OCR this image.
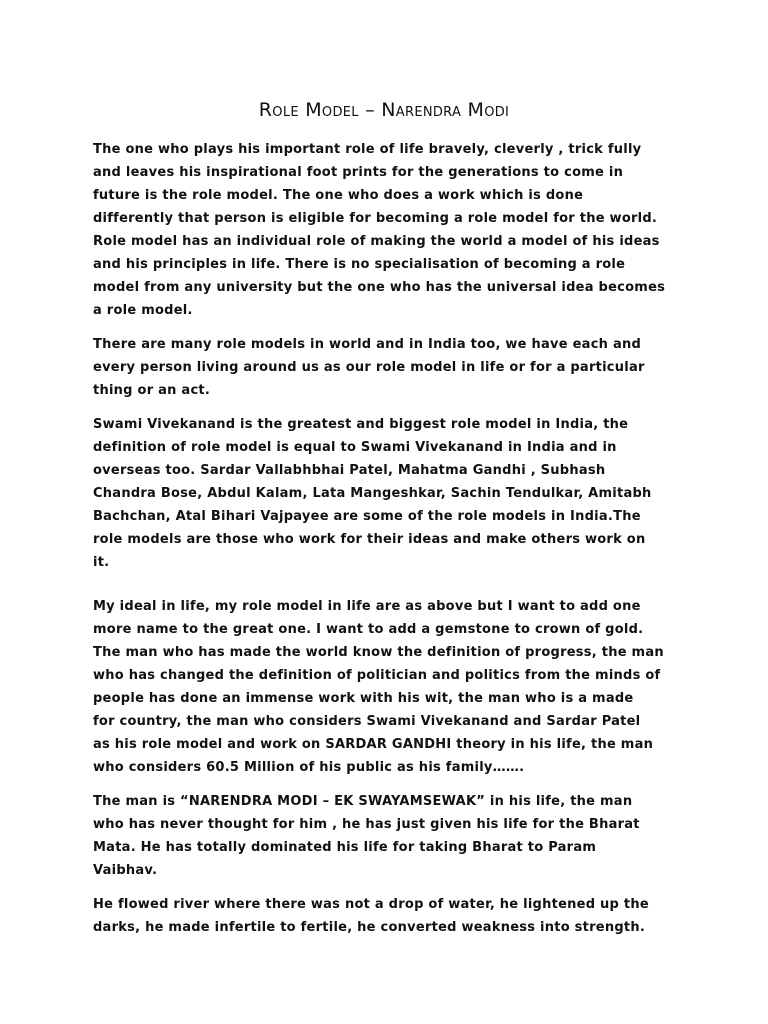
Role Model – Narendra Modi

The one who plays his important role of life bravely, cleverly , trick fully
and leaves his inspirational foot prints for the generations to come in
future is the role model. The one who does a work which is done
differently that person is eligible for becoming a role model for the world.
Role model has an individual role of making the world a model of his ideas
and his principles in life. There is no specialisation of becoming a role
model from any university but the one who has the universal idea becomes
a role model.

There are many role models in world and in India too, we have each and
every person living around us as our role model in life or for a particular
thing or an act.

Swami Vivekanand is the greatest and biggest role model in India, the
definition of role model is equal to Swami Vivekanand in India and in
overseas too. Sardar Vallabhbhai Patel, Mahatma Gandhi , Subhash
Chandra Bose, Abdul Kalam, Lata Mangeshkar, Sachin Tendulkar, Amitabh
Bachchan, Atal Bihari Vajpayee are some of the role models in India.The
role models are those who work for their ideas and make others work on
it.

My ideal in life, my role model in life are as above but I want to add one
more name to the great one. I want to add a gemstone to crown of gold.
The man who has made the world know the definition of progress, the man
who has changed the definition of politician and politics from the minds of
people has done an immense work with his wit, the man who is a made
for country, the man who considers Swami Vivekanand and Sardar Patel
as his role model and work on SARDAR GANDHI theory in his life, the man
who considers 60.5 Million of his public as his family…….

The man is “NARENDRA MODI – EK SWAYAMSEWAK” in his life, the man
who has never thought for him , he has just given his life for the Bharat
Mata. He has totally dominated his life for taking Bharat to Param
Vaibhav.

He flowed river where there was not a drop of water, he lightened up the
darks, he made infertile to fertile, he converted weakness into strength.
